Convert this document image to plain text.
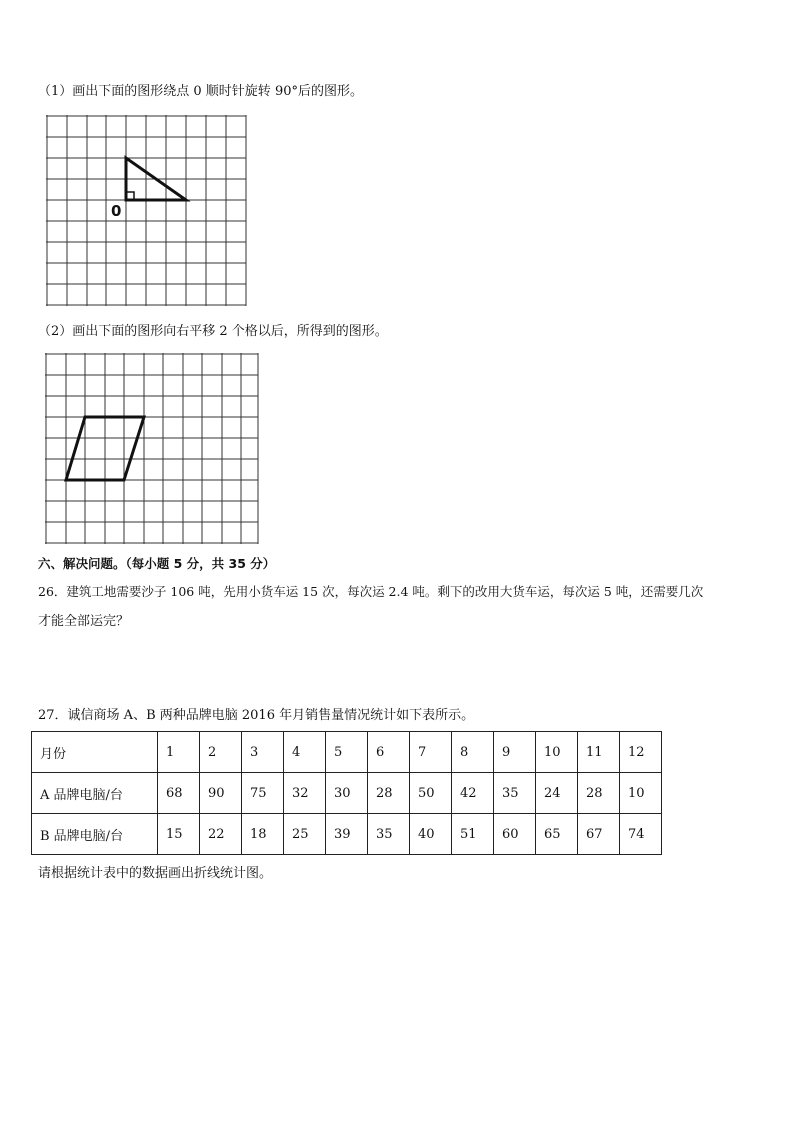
（1）画出下面的图形绕点 0 顺时针旋转 90°后的图形。
0
（2）画出下面的图形向右平移 2 个格以后，所得到的图形。
六、解决问题。（每小题 5 分，共 35 分）
26．建筑工地需要沙子 106 吨，先用小货车运 15 次，每次运 2.4 吨。剩下的改用大货车运，每次运 5 吨，还需要几次
才能全部运完？
27．诚信商场 A、B 两种品牌电脑 2016 年月销售量情况统计如下表所示。
月份	1	2	3	4	5	6	7	8	9	10	11	12
A 品牌电脑/台	68	90	75	32	30	28	50	42	35	24	28	10
B 品牌电脑/台	15	22	18	25	39	35	40	51	60	65	67	74
请根据统计表中的数据画出折线统计图。
